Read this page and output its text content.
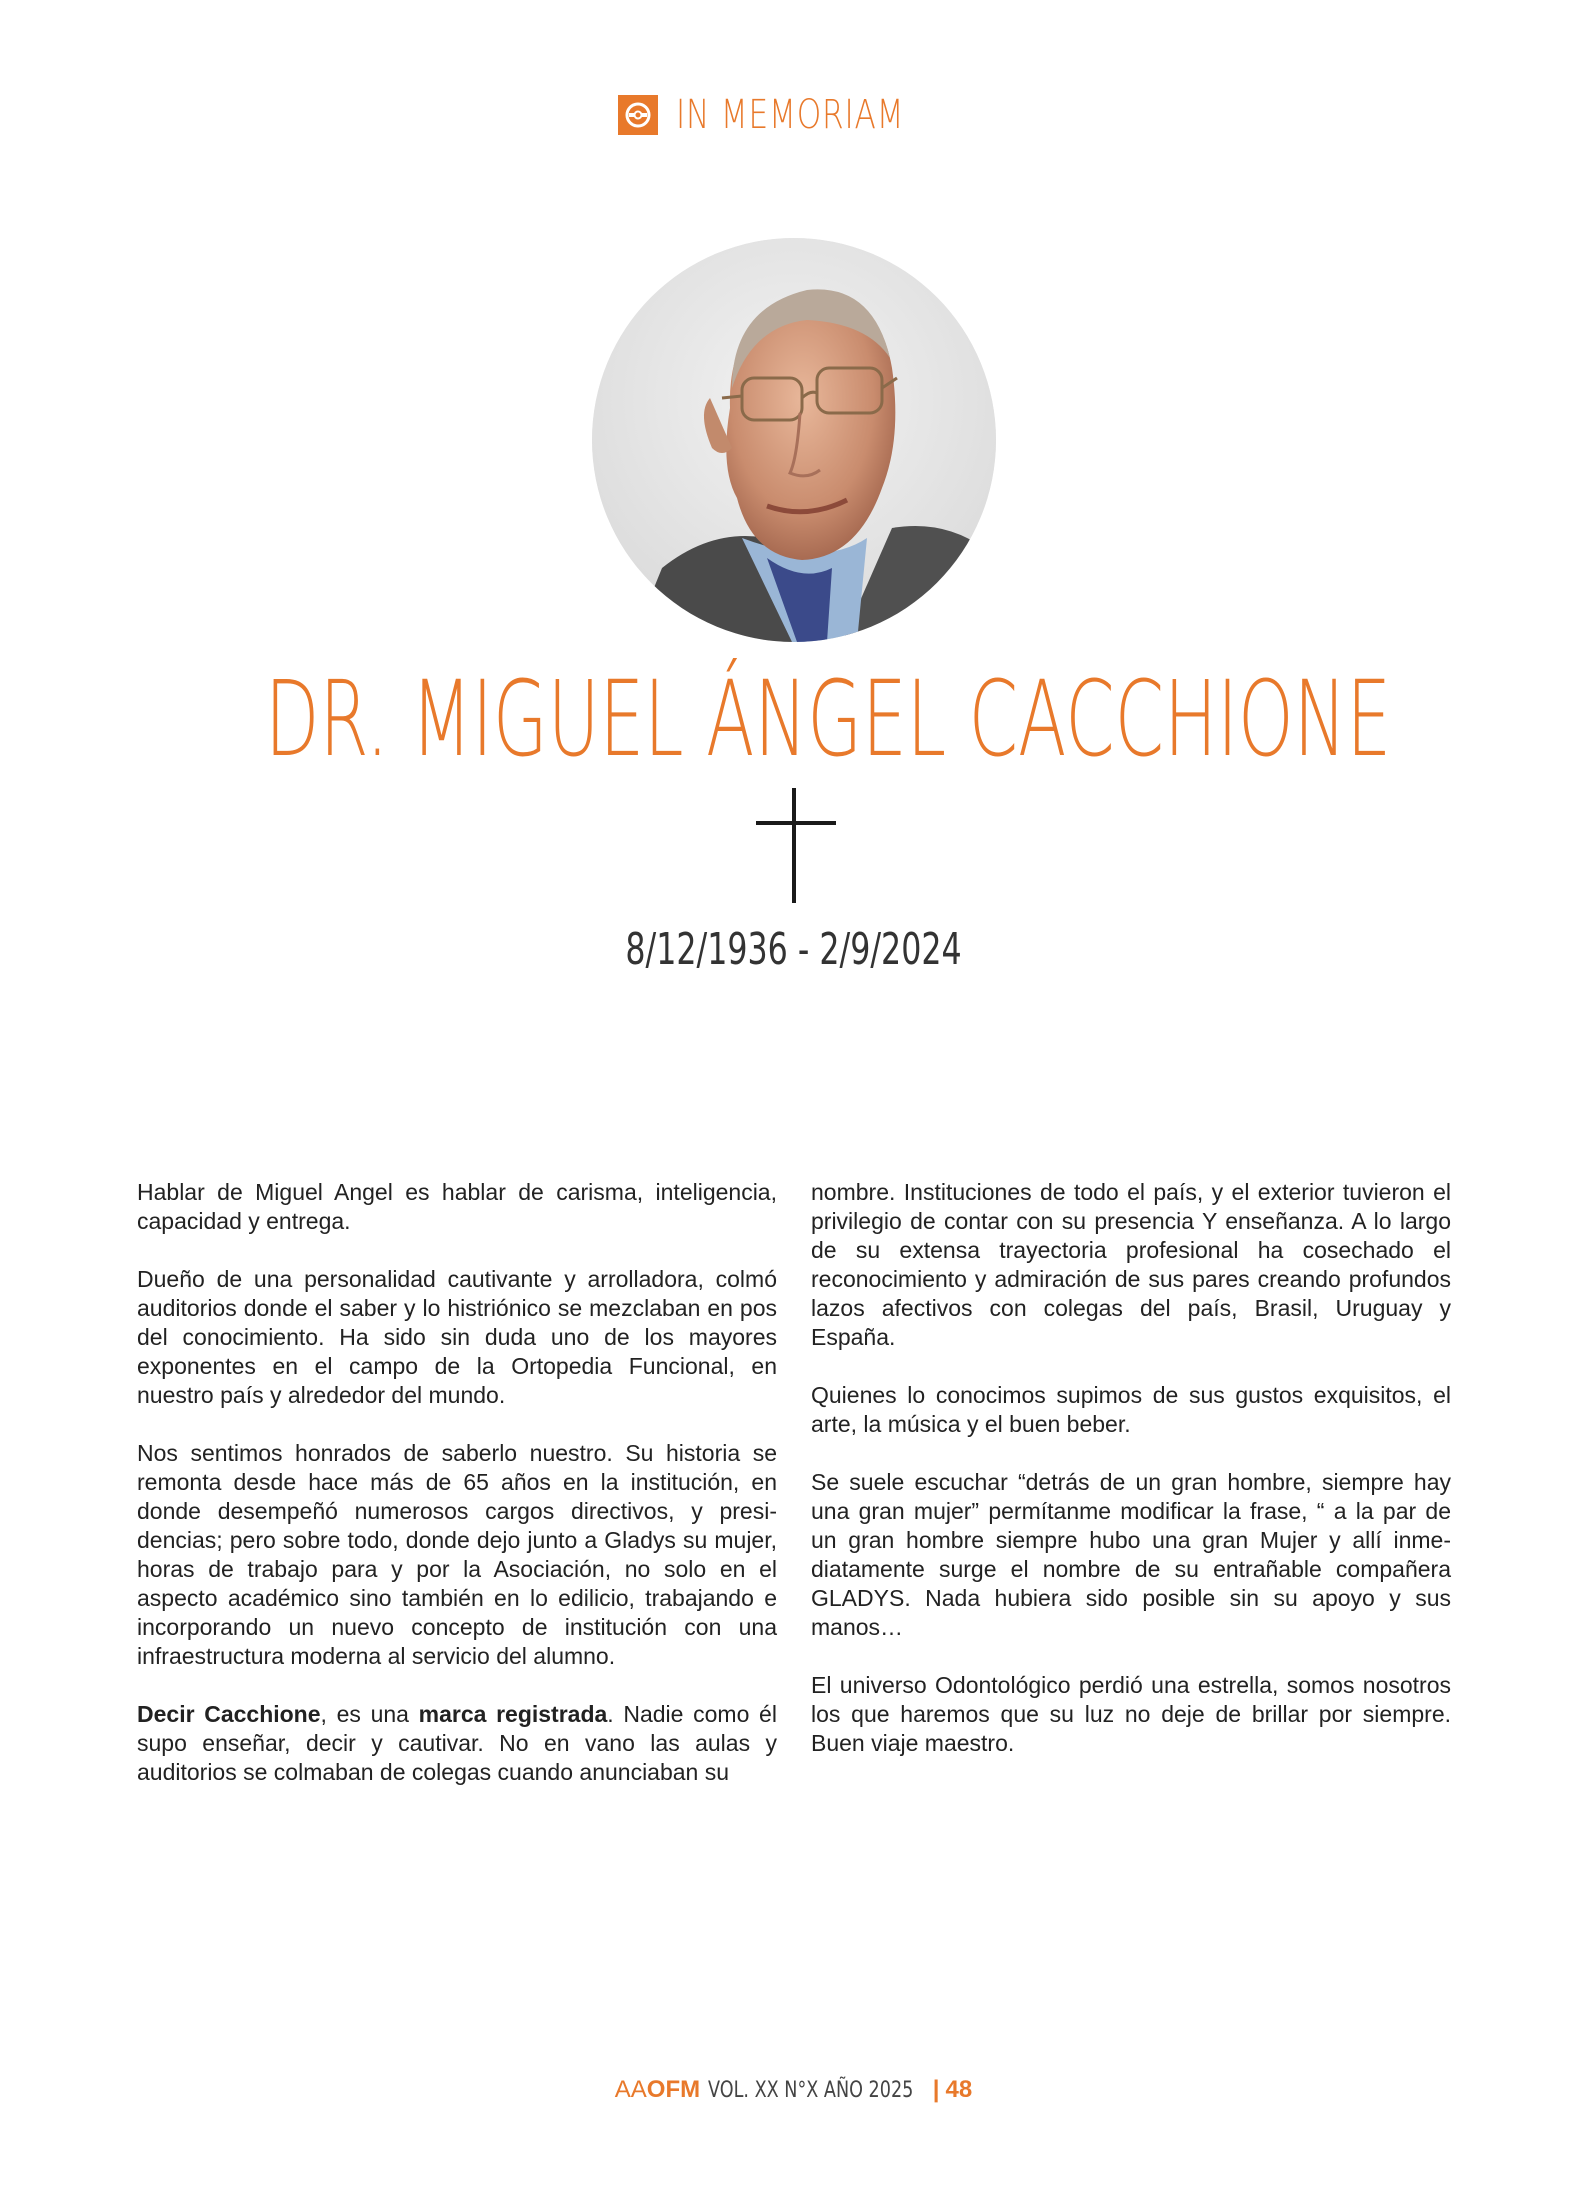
IN MEMORIAM
DR. MIGUEL ÁNGEL CACCHIONE
8/12/1936 - 2/9/2024

Hablar de Miguel Angel es hablar de carisma, inteligencia, capacidad y entrega.

Dueño de una personalidad cautivante y arrolladora, colmó auditorios donde el saber y lo histriónico se mezclaban en pos del conocimiento. Ha sido sin duda uno de los mayores exponentes en el campo de la Ortopedia Funcional, en nuestro país y alrededor del mundo.

Nos sentimos honrados de saberlo nuestro. Su historia se remonta desde hace más de 65 años en la institución, en donde desempeñó numerosos cargos directivos, y presidencias; pero sobre todo, donde dejo junto a Gladys su mujer, horas de trabajo para y por la Asociación, no solo en el aspecto académico sino también en lo edilicio, trabajando e incorporando un nuevo concepto de institución con una infraestructura moderna al servicio del alumno.

Decir Cacchione, es una marca registrada. Nadie como él supo enseñar, decir y cautivar. No en vano las aulas y auditorios se colmaban de colegas cuando anunciaban su

nombre. Instituciones de todo el país, y el exterior tuvieron el privilegio de contar con su presencia Y enseñanza. A lo largo de su extensa trayectoria profesional ha cosechado el reconocimiento y admiración de sus pares creando profundos lazos afectivos con colegas del país, Brasil, Uruguay y España.

Quienes lo conocimos supimos de sus gustos exquisitos, el arte, la música y el buen beber.

Se suele escuchar “detrás de un gran hombre, siempre hay una gran mujer” permítanme modificar la frase, “ a la par de un gran hombre siempre hubo una gran Mujer y allí inmediatamente surge el nombre de su entrañable compañera GLADYS. Nada hubiera sido posible sin su apoyo y sus manos…

El universo Odontológico perdió una estrella, somos nosotros los que haremos que su luz no deje de brillar por siempre. Buen viaje maestro.

AAOFM VOL. XX N°X AÑO 2025 | 48
